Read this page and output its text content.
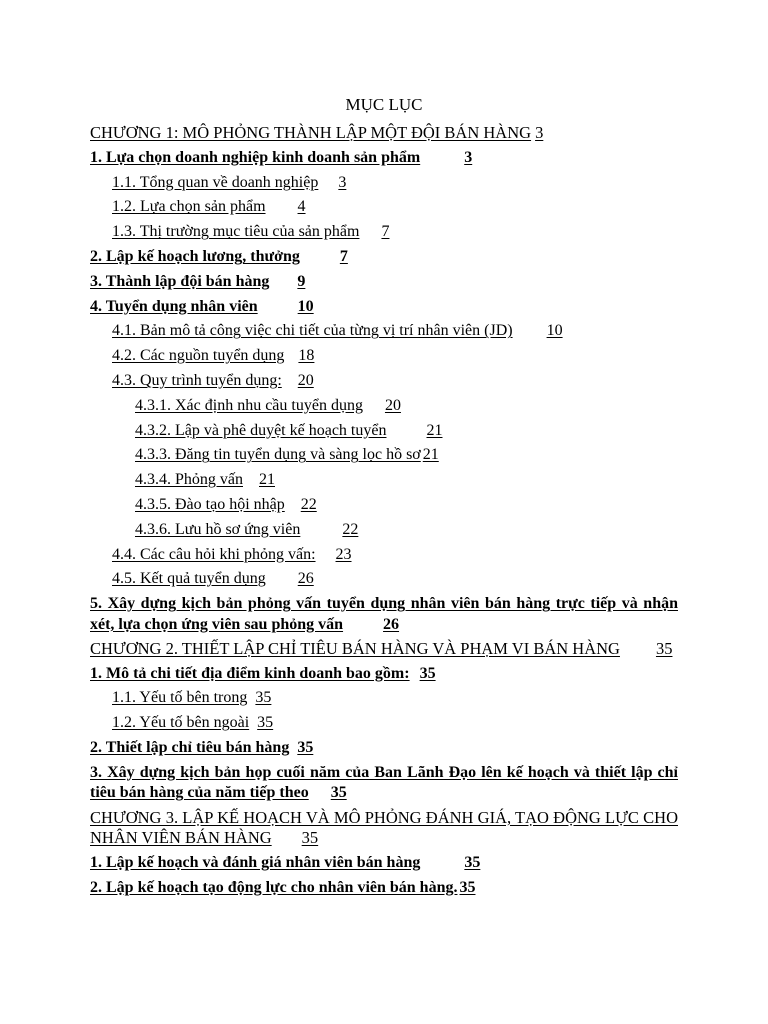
MỤC LỤC
CHƯƠNG 1: MÔ PHỎNG THÀNH LẬP MỘT ĐỘI BÁN HÀNG 3
1. Lựa chọn doanh nghiệp kinh doanh sản phẩm	3
1.1. Tổng quan về doanh nghiệp 3
1.2. Lựa chọn sản phẩm 4
1.3. Thị trường mục tiêu của sản phẩm 7
2. Lập kế hoạch lương, thưởng	7
3. Thành lập đội bán hàng 9
4. Tuyển dụng nhân viên	10
4.1. Bản mô tả công việc chi tiết của từng vị trí nhân viên (JD) 10
4.2. Các nguồn tuyển dụng 18
4.3. Quy trình tuyển dụng: 20
4.3.1. Xác định nhu cầu tuyển dụng 20
4.3.2. Lập và phê duyệt kế hoạch tuyển	21
4.3.3. Đăng tin tuyển dụng và sàng lọc hồ sơ 21
4.3.4. Phỏng vấn 21
4.3.5. Đào tạo hội nhập 22
4.3.6. Lưu hồ sơ ứng viên	22
4.4. Các câu hỏi khi phỏng vấn: 23
4.5. Kết quả tuyển dụng 26
5. Xây dựng kịch bản phỏng vấn tuyển dụng nhân viên bán hàng trực tiếp và nhận xét, lựa chọn ứng viên sau phỏng vấn	26
CHƯƠNG 2. THIẾT LẬP CHỈ TIÊU BÁN HÀNG VÀ PHẠM VI BÁN HÀNG 35
1. Mô tả chi tiết địa điểm kinh doanh bao gồm: 35
1.1. Yếu tố bên trong 35
1.2. Yếu tố bên ngoài 35
2. Thiết lập chỉ tiêu bán hàng 35
3. Xây dựng kịch bản họp cuối năm của Ban Lãnh Đạo lên kế hoạch và thiết lập chỉ tiêu bán hàng của năm tiếp theo 35
CHƯƠNG 3. LẬP KẾ HOẠCH VÀ MÔ PHỎNG ĐÁNH GIÁ, TẠO ĐỘNG LỰC CHO NHÂN VIÊN BÁN HÀNG 35
1. Lập kế hoạch và đánh giá nhân viên bán hàng	35
2. Lập kế hoạch tạo động lực cho nhân viên bán hàng. 35
